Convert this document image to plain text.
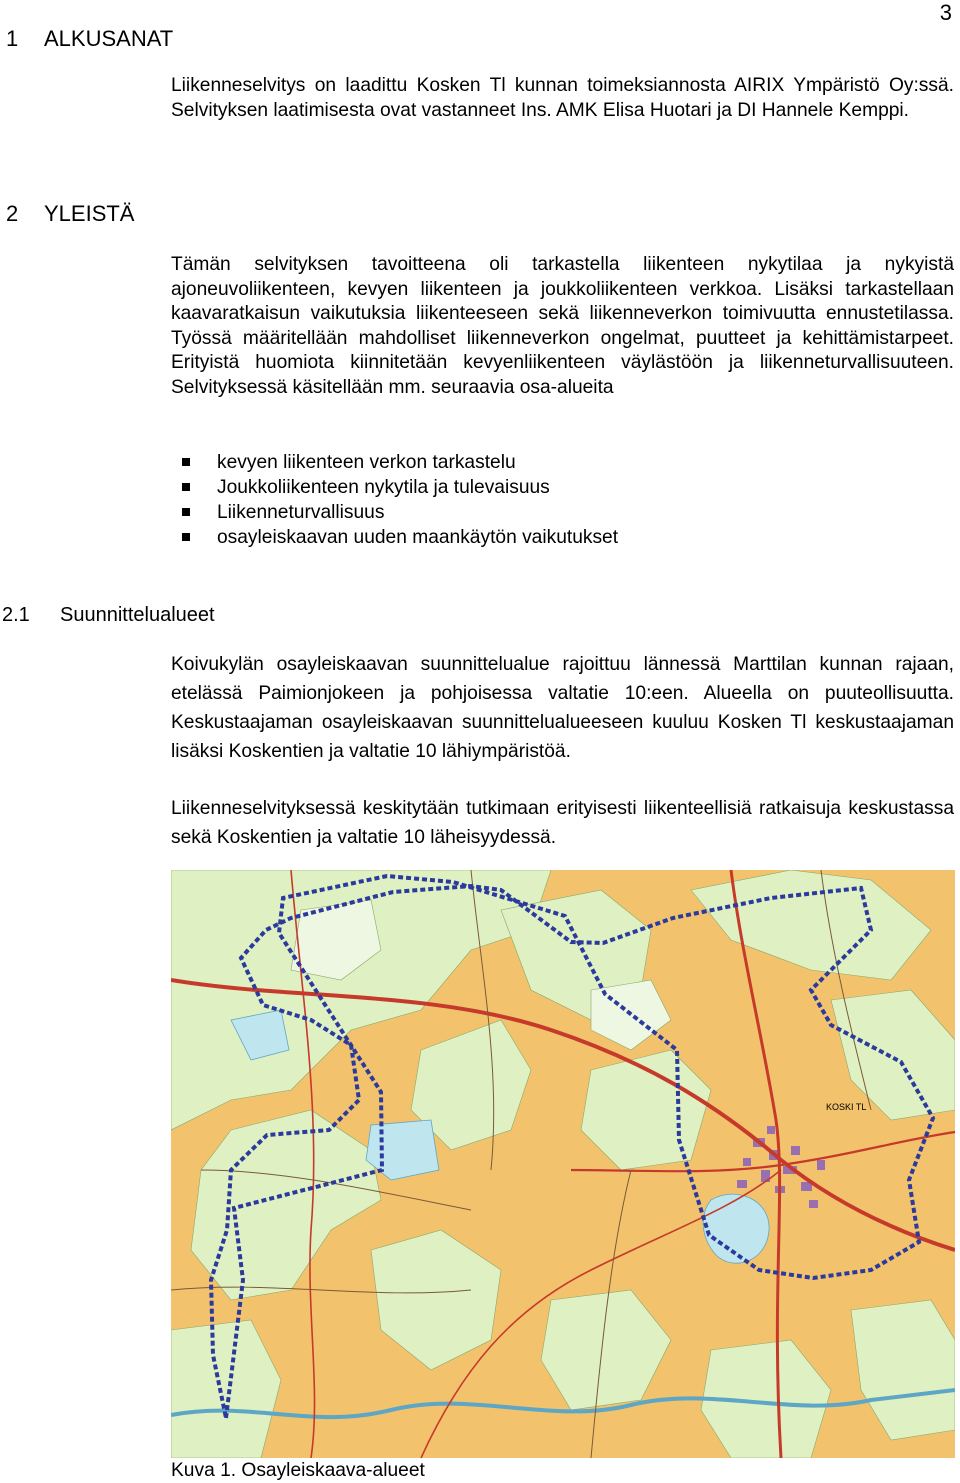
3
1 ALKUSANAT

Liikenneselvitys on laadittu Kosken Tl kunnan toimeksiannosta AIRIX Ympäristö Oy:ssä. Selvityksen laatimisesta ovat vastanneet Ins. AMK Elisa Huotari ja DI Hannele Kemppi.

2 YLEISTÄ

Tämän selvityksen tavoitteena oli tarkastella liikenteen nykytilaa ja nykyistä ajoneuvoliikenteen, kevyen liikenteen ja joukkoliikenteen verkkoa. Lisäksi tarkastellaan kaavaratkaisun vaikutuksia liikenteeseen sekä liikenneverkon toimivuutta ennustetilassa. Työssä määritellään mahdolliset liikenneverkon ongelmat, puutteet ja kehittämistarpeet. Erityistä huomiota kiinnitetään kevyenliikenteen väylästöön ja liikenneturvallisuuteen. Selvityksessä käsitellään mm. seuraavia osa-alueita

kevyen liikenteen verkon tarkastelu
Joukkoliikenteen nykytila ja tulevaisuus
Liikenneturvallisuus
osayleiskaavan uuden maankäytön vaikutukset
2.1 Suunnittelualueet

Koivukylän osayleiskaavan suunnittelualue rajoittuu lännessä Marttilan kunnan rajaan, etelässä Paimionjokeen ja pohjoisessa valtatie 10:een. Alueella on puuteollisuutta. Keskustaajaman osayleiskaavan suunnittelualueeseen kuuluu Kosken Tl keskustaajaman lisäksi Koskentien ja valtatie 10 lähiympäristöä.

Liikenneselvityksessä keskitytään tutkimaan erityisesti liikenteellisiä ratkaisuja keskustassa sekä Koskentien ja valtatie 10 läheisyydessä.

KOSKI TL
Kuva 1. Osayleiskaava-alueet
